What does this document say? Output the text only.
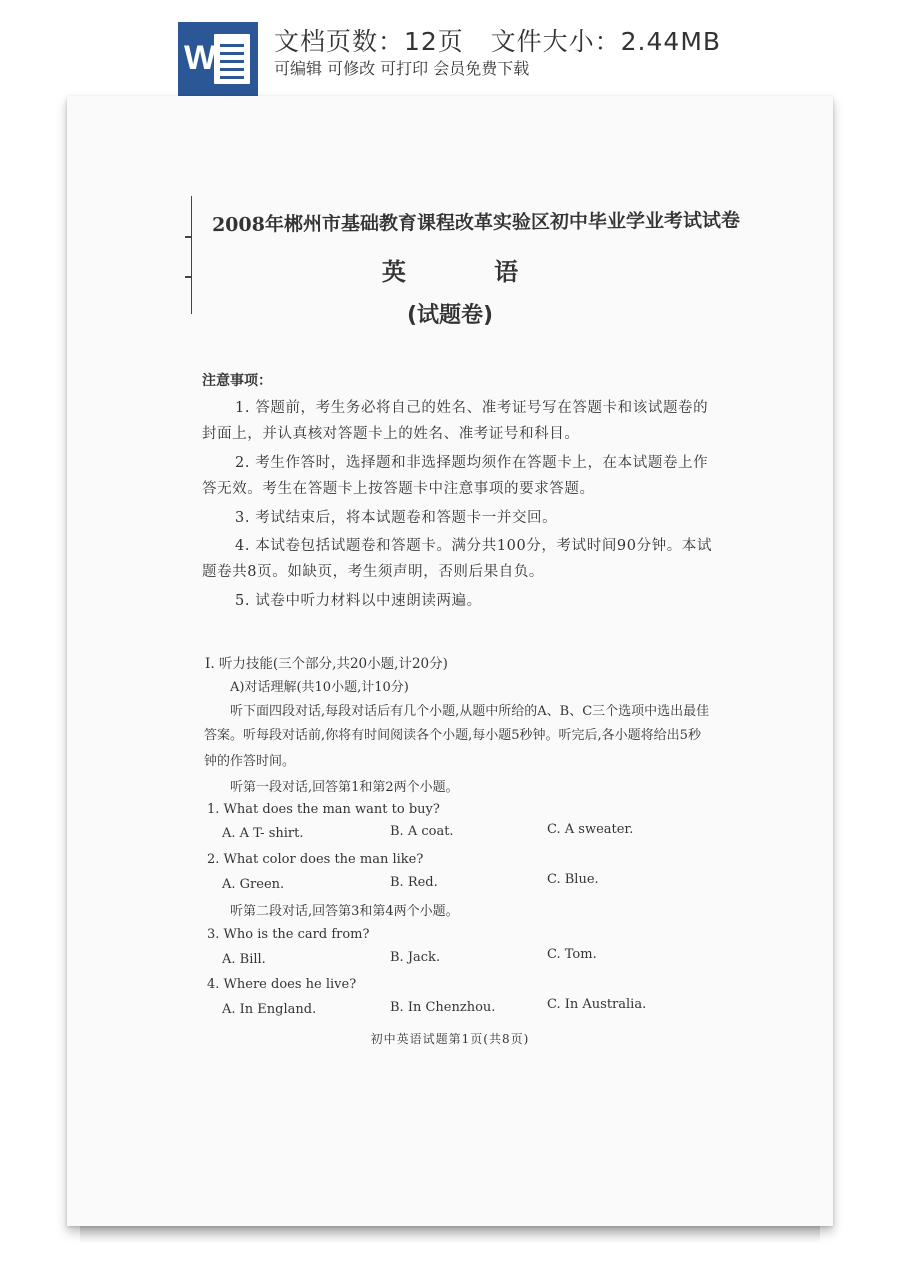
W	文档页数：12页   文件大小：2.44MB
可编辑 可修改 可打印 会员免费下载
2008年郴州市基础教育课程改革实验区初中毕业学业考试试卷
英 语
(试题卷)
注意事项：
1. 答题前，考生务必将自己的姓名、准考证号写在答题卡和该试题卷的
封面上，并认真核对答题卡上的姓名、准考证号和科目。
2. 考生作答时，选择题和非选择题均须作在答题卡上，在本试题卷上作
答无效。考生在答题卡上按答题卡中注意事项的要求答题。
3. 考试结束后，将本试题卷和答题卡一并交回。
4. 本试卷包括试题卷和答题卡。满分共100分，考试时间90分钟。本试
题卷共8页。如缺页，考生须声明，否则后果自负。
5. 试卷中听力材料以中速朗读两遍。
Ⅰ. 听力技能(三个部分,共20小题,计20分)
A)对话理解(共10小题,计10分)
听下面四段对话,每段对话后有几个小题,从题中所给的A、B、C三个选项中选出最佳
答案。听每段对话前,你将有时间阅读各个小题,每小题5秒钟。听完后,各小题将给出5秒
钟的作答时间。
听第一段对话,回答第1和第2两个小题。
1. What does the man want to buy?
A. A T- shirt.	B. A coat.	C. A sweater.
2. What color does the man like?
A. Green.	B. Red.	C. Blue.
听第二段对话,回答第3和第4两个小题。
3. Who is the card from?
A. Bill.	B. Jack.	C. Tom.
4. Where does he live?
A. In England.	B. In Chenzhou.	C. In Australia.
初中英语试题第1页(共8页)
